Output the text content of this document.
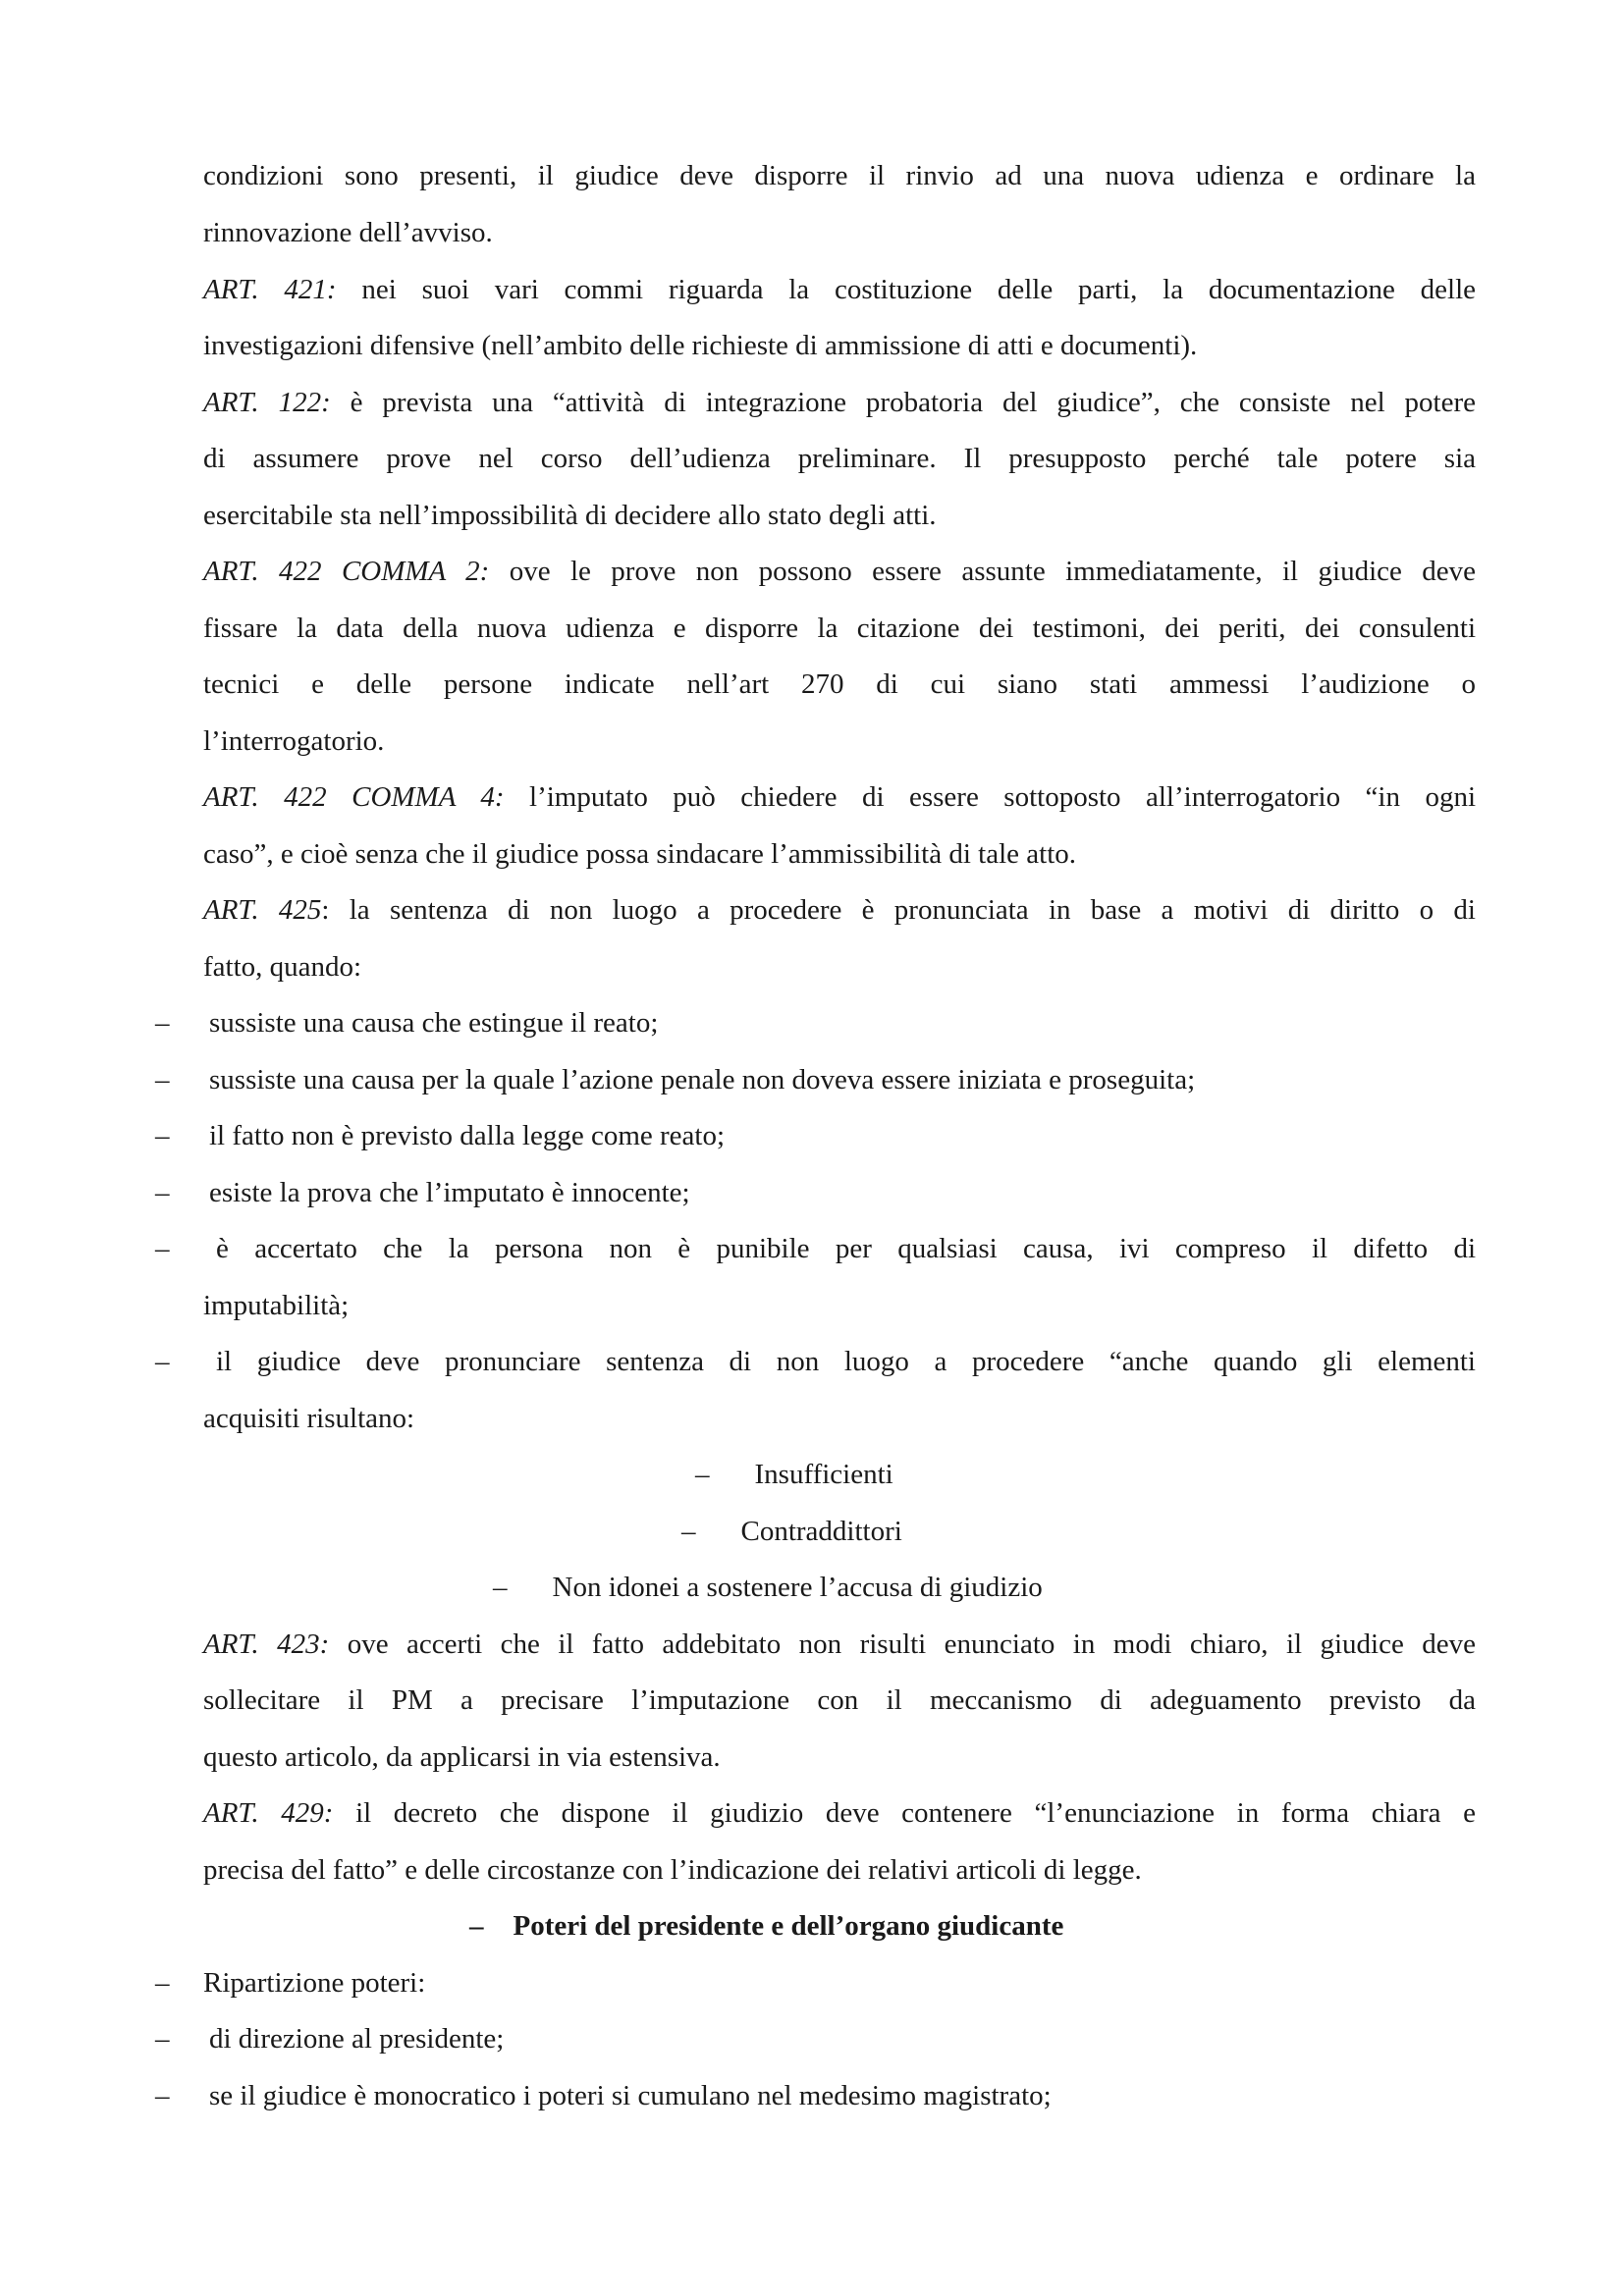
condizioni sono presenti, il giudice deve disporre il rinvio ad una nuova udienza e ordinare la
rinnovazione dell’avviso.
ART. 421: nei suoi vari commi riguarda la costituzione delle parti, la documentazione delle
investigazioni difensive (nell’ambito delle richieste di ammissione di atti e documenti).
ART. 122: è prevista una “attività di integrazione probatoria del giudice”, che consiste nel potere
di assumere prove nel corso dell’udienza preliminare. Il presupposto perché tale potere sia
esercitabile sta nell’impossibilità di decidere allo stato degli atti.
ART. 422 COMMA 2: ove le prove non possono essere assunte immediatamente, il giudice deve
fissare la data della nuova udienza e disporre la citazione dei testimoni, dei periti, dei consulenti
tecnici e delle persone indicate nell’art 270 di cui siano stati ammessi l’audizione o
l’interrogatorio.
ART. 422 COMMA 4: l’imputato può chiedere di essere sottoposto all’interrogatorio “in ogni
caso”, e cioè senza che il giudice possa sindacare l’ammissibilità di tale atto.
ART. 425: la sentenza di non luogo a procedere è pronunciata in base a motivi di diritto o di
fatto, quando:
– sussiste una causa che estingue il reato;
– sussiste una causa per la quale l’azione penale non doveva essere iniziata e proseguita;
– il fatto non è previsto dalla legge come reato;
– esiste la prova che l’imputato è innocente;
– è accertato che la persona non è punibile per qualsiasi causa, ivi compreso il difetto di
imputabilità;
– il giudice deve pronunciare sentenza di non luogo a procedere “anche quando gli elementi
acquisiti risultano:
– Insufficienti
– Contraddittori
– Non idonei a sostenere l’accusa di giudizio
ART. 423: ove accerti che il fatto addebitato non risulti enunciato in modi chiaro, il giudice deve
sollecitare il PM a precisare l’imputazione con il meccanismo di adeguamento previsto da
questo articolo, da applicarsi in via estensiva.
ART. 429: il decreto che dispone il giudizio deve contenere “l’enunciazione in forma chiara e
precisa del fatto” e delle circostanze con l’indicazione dei relativi articoli di legge.
– Poteri del presidente e dell’organo giudicante
– Ripartizione poteri:
– di direzione al presidente;
– se il giudice è monocratico i poteri si cumulano nel medesimo magistrato;
